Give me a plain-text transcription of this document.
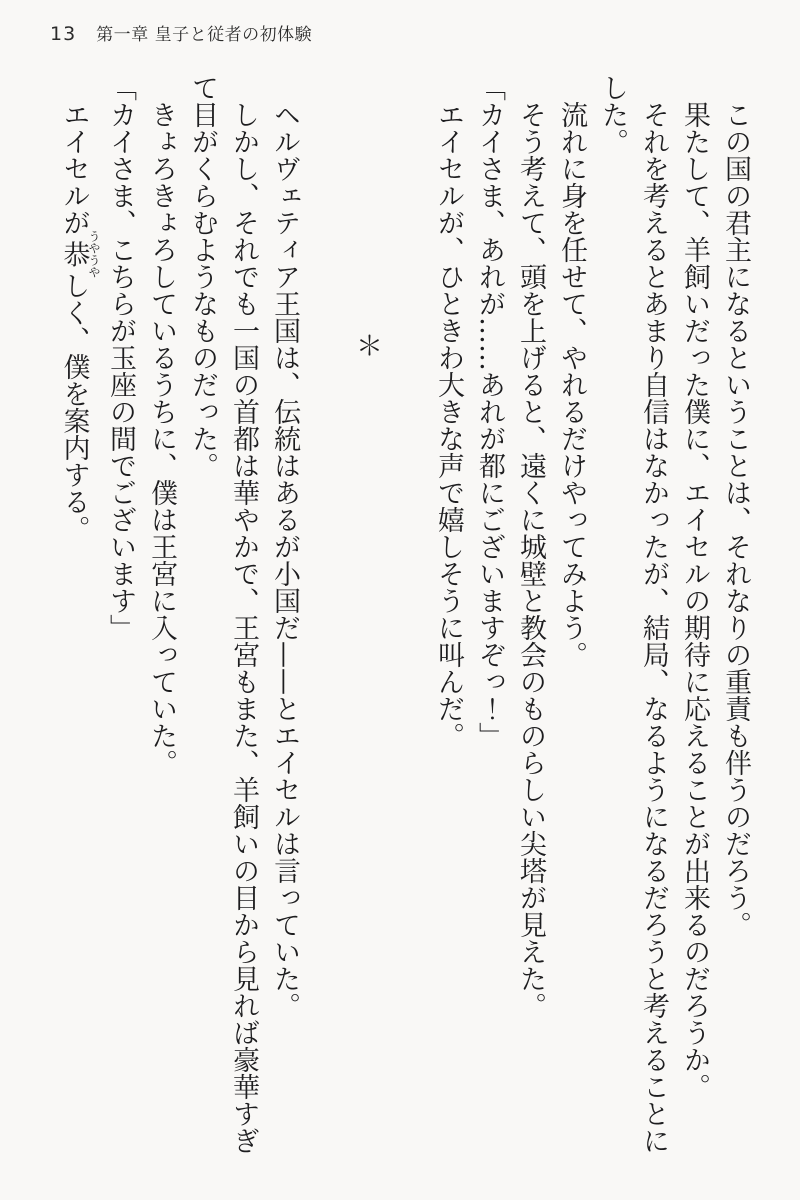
13 第一章 皇子と従者の初体験

この国の君主になるということは、それなりの重責も伴うのだろう。

果たして、羊飼いだった僕に、エイセルの期待に応えることが出来るのだろうか。

それを考えるとあまり自信はなかったが、結局、なるようになるだろうと考えることにした。

流れに身を任せて、やれるだけやってみよう。

そう考えて、頭を上げると、遠くに城壁と教会のものらしい尖塔が見えた。

「カイさま、あれが……あれが都にございますぞっ！」

エイセルが、ひときわ大きな声で嬉しそうに叫んだ。

＊

ヘルヴェティア王国は、伝統はあるが小国だ——とエイセルは言っていた。

しかし、それでも一国の首都は華やかで、王宮もまた、羊飼いの目から見れば豪華すぎて目がくらむようなものだった。

きょろきょろしているうちに、僕は王宮に入っていた。

「カイさま、こちらが玉座の間でございます」

エイセルが恭うやうやしく、僕を案内する。
